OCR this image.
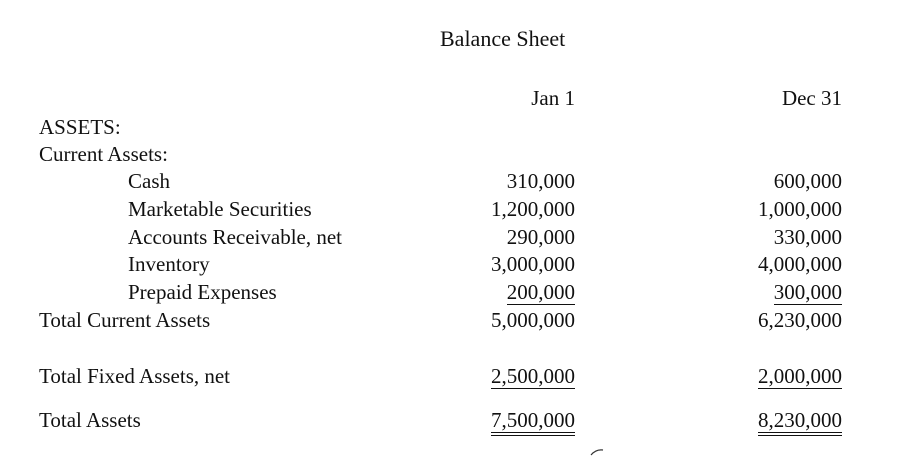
Balance Sheet
Jan 1	Dec 31
ASSETS:
Current Assets:
Cash	310,000	600,000
Marketable Securities	1,200,000	1,000,000
Accounts Receivable, net	290,000	330,000
Inventory	3,000,000	4,000,000
Prepaid Expenses	200,000	300,000
Total Current Assets	5,000,000	6,230,000
Total Fixed Assets, net	2,500,000	2,000,000
Total Assets	7,500,000	8,230,000
